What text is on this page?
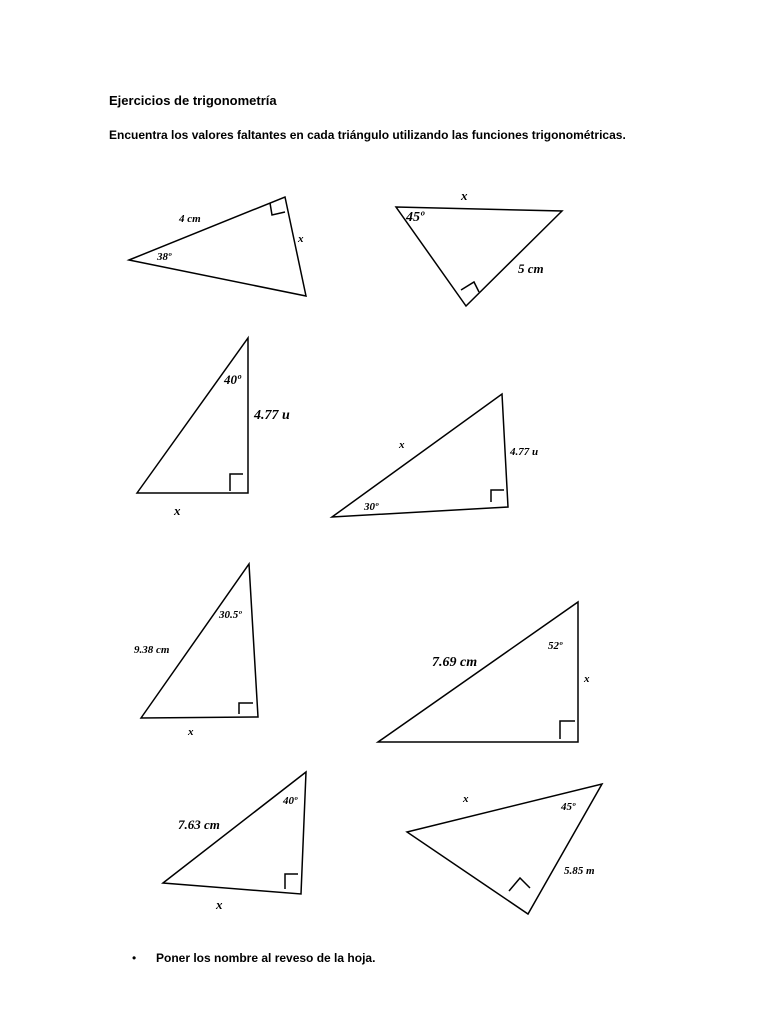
Ejercicios de trigonometría
Encuentra los valores faltantes en cada triángulo utilizando las funciones trigonométricas.
4 cm
38º
x
x
45º
5 cm
40º
4.77 u
x
x
4.77 u
30º
30.5º
9.38 cm
x
7.69 cm
52º
x
40º
7.63 cm
x
x
45º
5.85 m
• Poner los nombre al reveso de la hoja.
